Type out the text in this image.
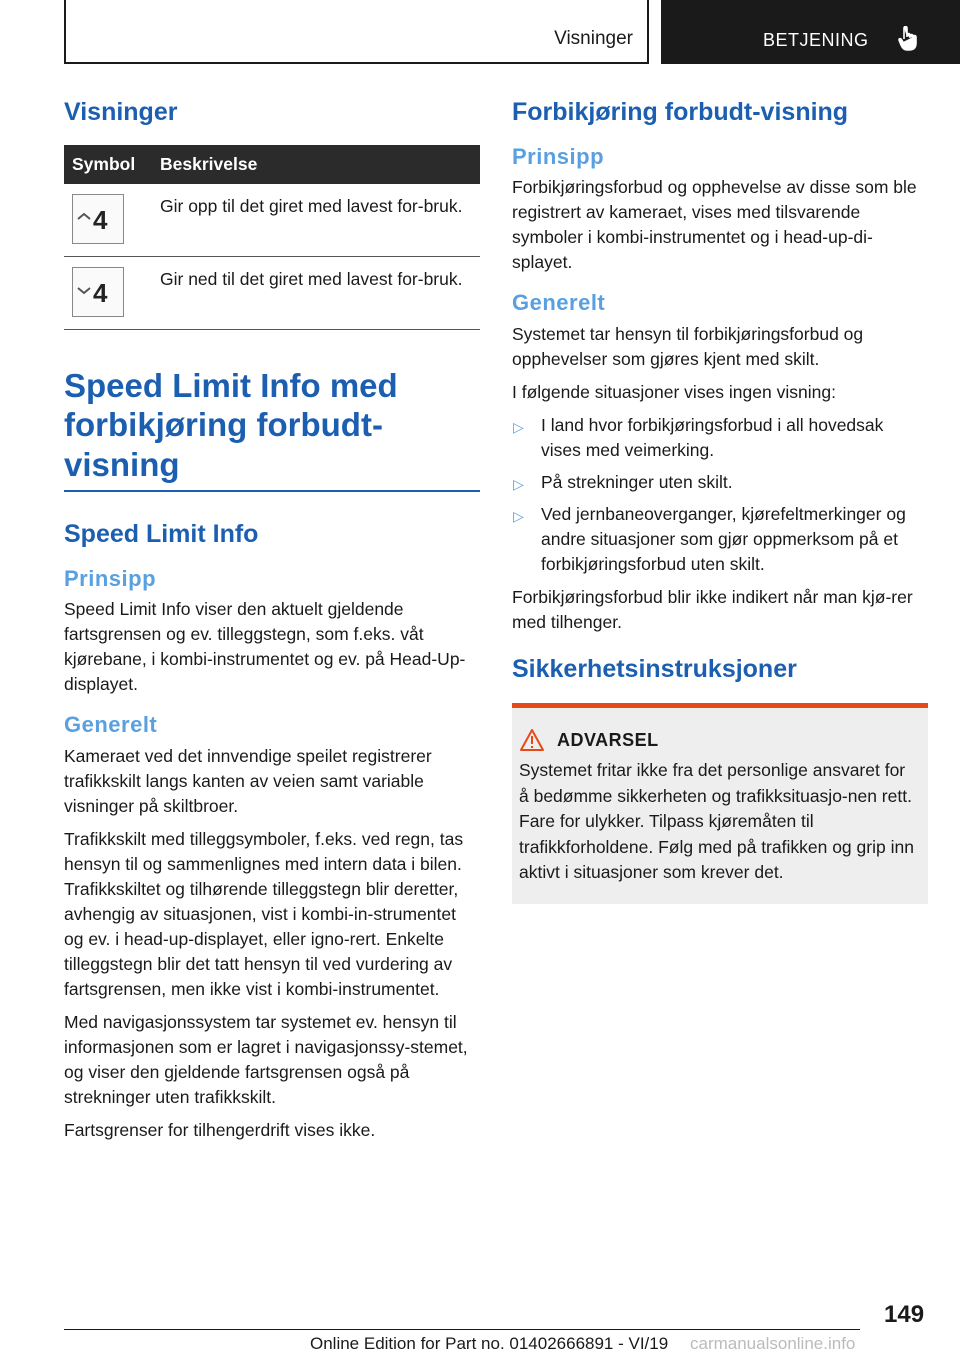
Visninger	BETJENING
Visninger
Symbol	Beskrivelse

4	Gir opp til det giret med lavest for-bruk.

4	Gir ned til det giret med lavest for-bruk.
Speed Limit Info med forbikjøring forbudt-visning
Speed Limit Info
Prinsipp

Speed Limit Info viser den aktuelt gjeldende fartsgrensen og ev. tilleggstegn, som f.eks. våt kjørebane, i kombi-instrumentet og ev. på Head-Up-displayet.

Generelt

Kameraet ved det innvendige speilet registrerer trafikkskilt langs kanten av veien samt variable visninger på skiltbroer.

Trafikkskilt med tilleggsymboler, f.eks. ved regn, tas hensyn til og sammenlignes med intern data i bilen. Trafikkskiltet og tilhørende tilleggstegn blir deretter, avhengig av situasjonen, vist i kombi-in-strumentet og ev. i head-up-displayet, eller igno-rert. Enkelte tilleggstegn blir det tatt hensyn til ved vurdering av fartsgrensen, men ikke vist i kombi-instrumentet.

Med navigasjonssystem tar systemet ev. hensyn til informasjonen som er lagret i navigasjonssy-stemet, og viser den gjeldende fartsgrensen også på strekninger uten trafikkskilt.

Fartsgrenser for tilhengerdrift vises ikke.

Forbikjøring forbudt-visning
Prinsipp

Forbikjøringsforbud og opphevelse av disse som ble registrert av kameraet, vises med tilsvarende symboler i kombi-instrumentet og i head-up-di-splayet.

Generelt

Systemet tar hensyn til forbikjøringsforbud og opphevelser som gjøres kjent med skilt.

I følgende situasjoner vises ingen visning:

▷ I land hvor forbikjøringsforbud i all hovedsak vises med veimerking.
▷ På strekninger uten skilt.
▷ Ved jernbaneoverganger, kjørefeltmerkinger og andre situasjoner som gjør oppmerksom på et forbikjøringsforbud uten skilt.

Forbikjøringsforbud blir ikke indikert når man kjø-rer med tilhenger.

Sikkerhetsinstruksjoner
ADVARSEL

Systemet fritar ikke fra det personlige ansvaret for å bedømme sikkerheten og trafikksituasjo-nen rett. Fare for ulykker. Tilpass kjøremåten til trafikkforholdene. Følg med på trafikken og grip inn aktivt i situasjoner som krever det.

149
Online Edition for Part no. 01402666891 - VI/19 carmanualsonline.info
